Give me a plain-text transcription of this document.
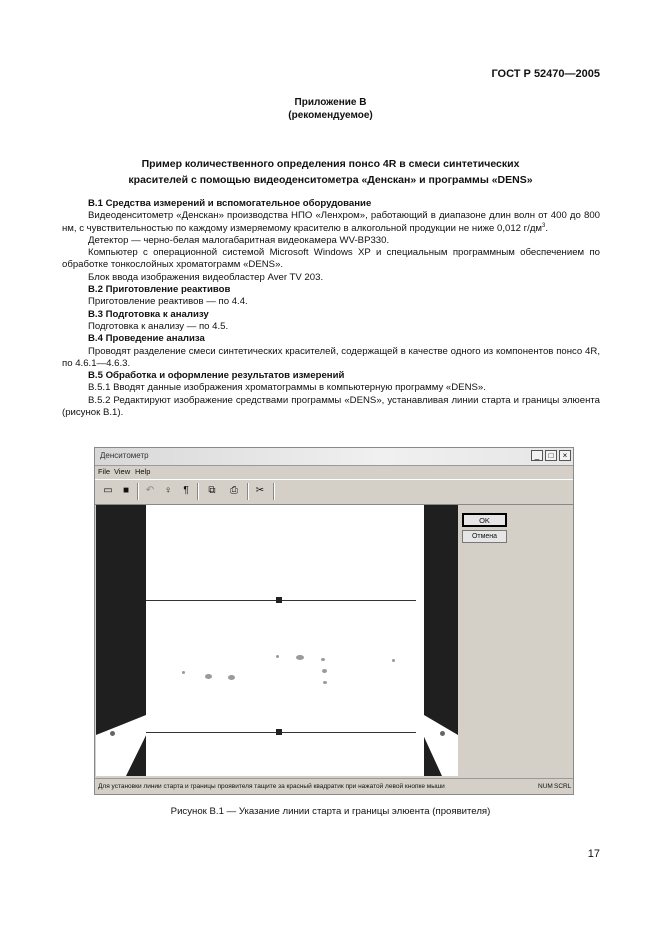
ГОСТ Р 52470—2005
Приложение В
(рекомендуемое)
Пример количественного определения понсо 4R в смеси синтетических
красителей с помощью видеоденситометра «Денскан» и программы «DENS»

В.1 Средства измерений и вспомогательное оборудование

Видеоденситометр «Денскан» производства НПО «Ленхром», работающий в диапазоне длин волн от 400 до 800 нм, с чувствительностью по каждому измеряемому красителю в алкогольной продукции не ниже 0,012 $г/дм^3$.

Детектор — черно-белая малогабаритная видеокамера WV-BP330.

Компьютер с операционной системой Microsoft Windows XP и специальным программным обеспечением по обработке тонкослойных хроматограмм «DENS».

Блок ввода изображения видеобластер Aver TV 203.

В.2 Приготовление реактивов

Приготовление реактивов — по 4.4.

В.3 Подготовка к анализу

Подготовка к анализу — по 4.5.

В.4 Проведение анализа

Проводят разделение смеси синтетических красителей, содержащей в качестве одного из компонентов понсо 4R, по 4.6.1—4.6.3.

В.5 Обработка и оформление результатов измерений

В.5.1 Вводят данные изображения хроматограммы в компьютерную программу «DENS».

В.5.2 Редактируют изображение средствами программы «DENS», устанавливая линии старта и границы элюента (рисунок В.1).

Денситометр	_	□	×
File View Help
▭	■	↶	♀	¶	⧉	⎙	✂
OK
Отмена
Для установки линии старта и границы проявителя тащите за красный квадратик при нажатой левой кнопке мыши	NUM SCRL
Рисунок В.1 — Указание линии старта и границы элюента (проявителя)
17
